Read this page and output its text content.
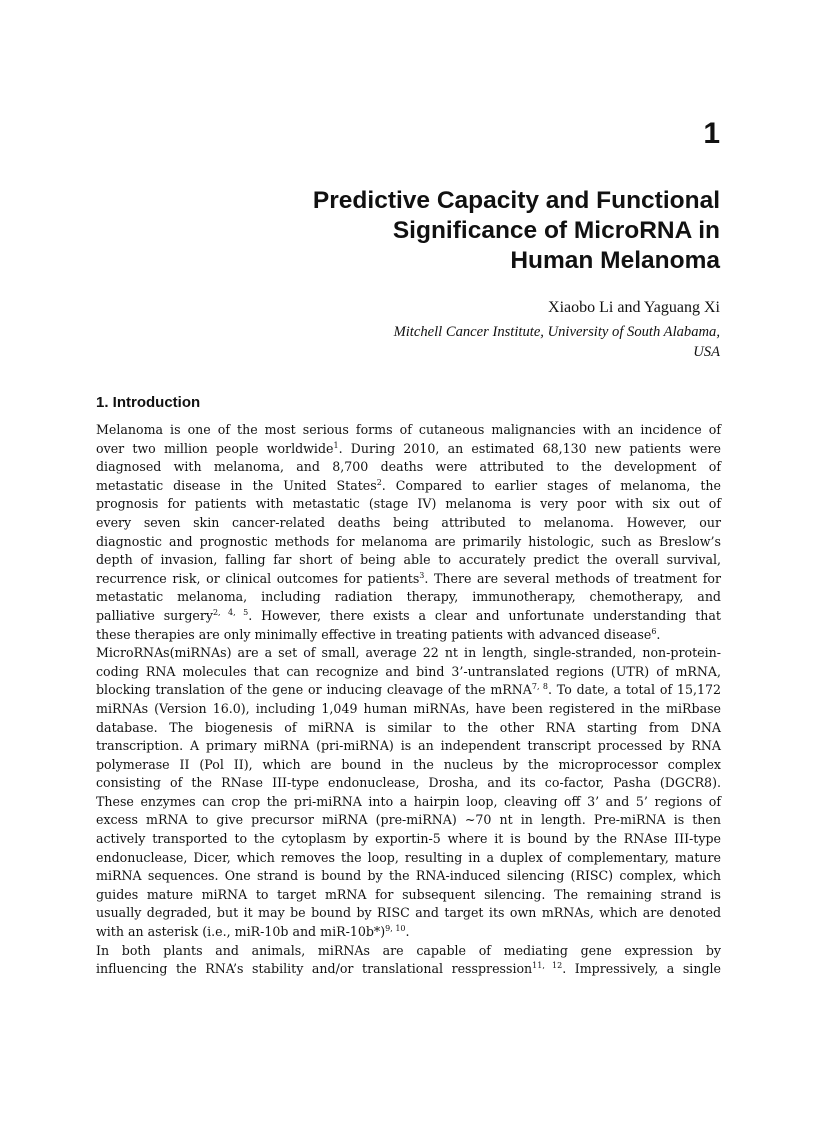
1
Predictive Capacity and Functional
Significance of MicroRNA in
Human Melanoma
Xiaobo Li and Yaguang Xi
Mitchell Cancer Institute, University of South Alabama,
USA
1. Introduction
Melanoma is one of the most serious forms of cutaneous malignancies with an incidence of
over two million people worldwide$^1$. During 2010, an estimated 68,130 new patients were
diagnosed with melanoma, and 8,700 deaths were attributed to the development of
metastatic disease in the United States$^2$. Compared to earlier stages of melanoma, the
prognosis for patients with metastatic (stage IV) melanoma is very poor with six out of
every seven skin cancer-related deaths being attributed to melanoma. However, our
diagnostic and prognostic methods for melanoma are primarily histologic, such as Breslow’s
depth of invasion, falling far short of being able to accurately predict the overall survival,
recurrence risk, or clinical outcomes for patients$^3$. There are several methods of treatment for
metastatic melanoma, including radiation therapy, immunotherapy, chemotherapy, and
palliative surgery$^{2, 4, 5}$. However, there exists a clear and unfortunate understanding that
these therapies are only minimally effective in treating patients with advanced disease$^6$.
MicroRNAs(miRNAs) are a set of small, average 22 nt in length, single-stranded, non-protein-
coding RNA molecules that can recognize and bind 3’-untranslated regions (UTR) of mRNA,
blocking translation of the gene or inducing cleavage of the mRNA$^{7, 8}$. To date, a total of 15,172
miRNAs (Version 16.0), including 1,049 human miRNAs, have been registered in the miRbase
database. The biogenesis of miRNA is similar to the other RNA starting from DNA
transcription. A primary miRNA (pri-miRNA) is an independent transcript processed by RNA
polymerase II (Pol II), which are bound in the nucleus by the microprocessor complex
consisting of the RNase III-type endonuclease, Drosha, and its co-factor, Pasha (DGCR8).
These enzymes can crop the pri-miRNA into a hairpin loop, cleaving off 3’ and 5’ regions of
excess mRNA to give precursor miRNA (pre-miRNA) ~70 nt in length. Pre-miRNA is then
actively transported to the cytoplasm by exportin-5 where it is bound by the RNAse III-type
endonuclease, Dicer, which removes the loop, resulting in a duplex of complementary, mature
miRNA sequences. One strand is bound by the RNA-induced silencing (RISC) complex, which
guides mature miRNA to target mRNA for subsequent silencing. The remaining strand is
usually degraded, but it may be bound by RISC and target its own mRNAs, which are denoted
with an asterisk (i.e., miR-10b and miR-10b*)$^{9, 10}$.
In both plants and animals, miRNAs are capable of mediating gene expression by
influencing the RNA’s stability and/or translational resspression$^{11, 12}$. Impressively, a single
